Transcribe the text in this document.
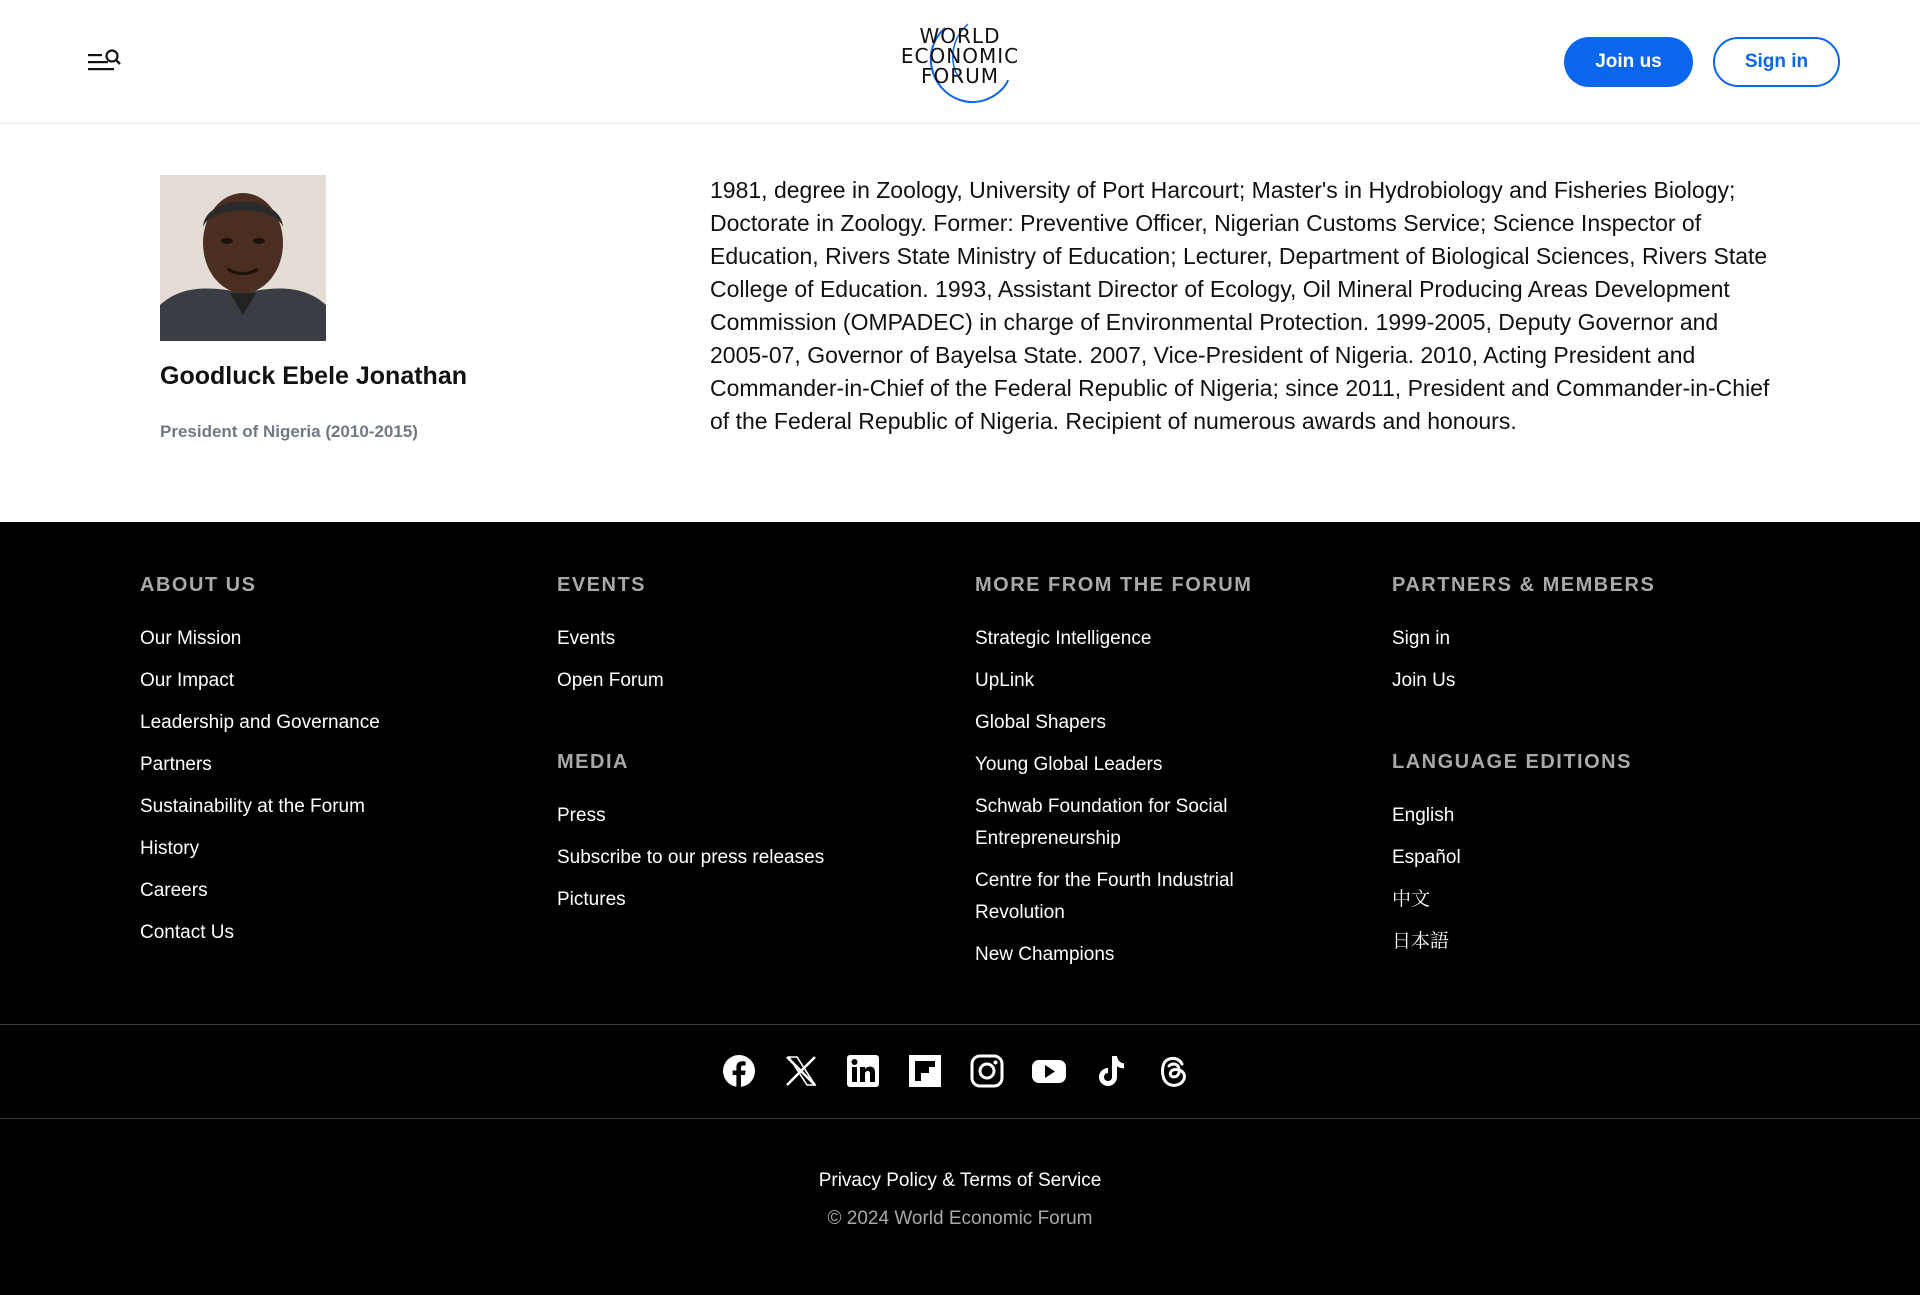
WORLD
ECONOMIC
FORUM
Join us	Sign in
Goodluck Ebele Jonathan
President of Nigeria (2010-2015)
1981, degree in Zoology, University of Port Harcourt; Master's in Hydrobiology and Fisheries Biology; Doctorate in Zoology. Former: Preventive Officer, Nigerian Customs Service; Science Inspector of Education, Rivers State Ministry of Education; Lecturer, Department of Biological Sciences, Rivers State College of Education. 1993, Assistant Director of Ecology, Oil Mineral Producing Areas Development Commission (OMPADEC) in charge of Environmental Protection. 1999-2005, Deputy Governor and 2005-07, Governor of Bayelsa State. 2007, Vice-President of Nigeria. 2010, Acting President and Commander-in-Chief of the Federal Republic of Nigeria; since 2011, President and Commander-in-Chief of the Federal Republic of Nigeria. Recipient of numerous awards and honours.
ABOUT US
Our Mission
Our Impact
Leadership and Governance
Partners
Sustainability at the Forum
History
Careers
Contact Us
EVENTS
Events
Open Forum
MEDIA
Press
Subscribe to our press releases
Pictures
MORE FROM THE FORUM
Strategic Intelligence
UpLink
Global Shapers
Young Global Leaders
Schwab Foundation for Social Entrepreneurship
Centre for the Fourth Industrial Revolution
New Champions
PARTNERS & MEMBERS
Sign in
Join Us
LANGUAGE EDITIONS
English
Español
中文
日本語
Privacy Policy & Terms of Service
© 2024 World Economic Forum
